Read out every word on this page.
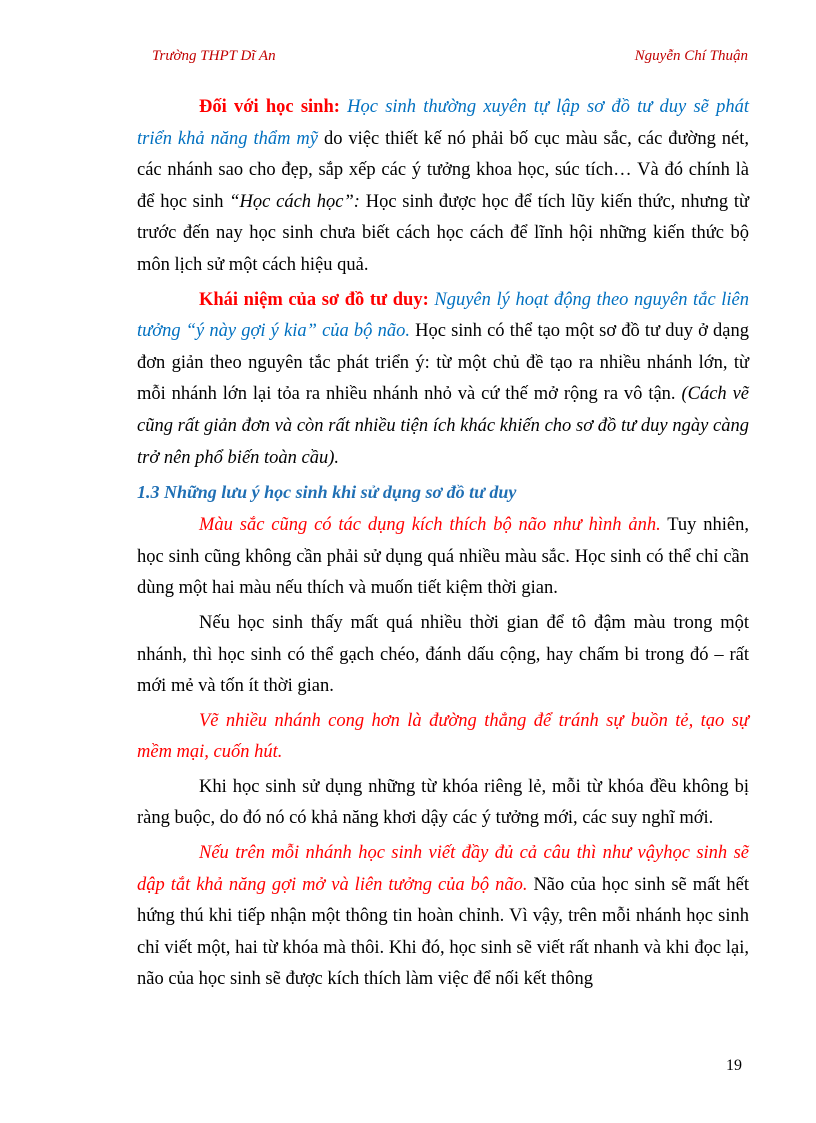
Trường THPT Dĩ An	Nguyễn Chí Thuận

Đối với học sinh: Học sinh thường xuyên tự lập sơ đồ tư duy sẽ phát triển khả năng thẩm mỹ do việc thiết kế nó phải bố cục màu sắc, các đường nét, các nhánh sao cho đẹp, sắp xếp các ý tưởng khoa học, súc tích… Và đó chính là để học sinh “Học cách học”: Học sinh được học để tích lũy kiến thức, nhưng từ trước đến nay học sinh chưa biết cách học cách để lĩnh hội những kiến thức bộ môn lịch sử một cách hiệu quả.

Khái niệm của sơ đồ tư duy: Nguyên lý hoạt động theo nguyên tắc liên tưởng “ý này gợi ý kia” của bộ não. Học sinh có thể tạo một sơ đồ tư duy ở dạng đơn giản theo nguyên tắc phát triển ý: từ một chủ đề tạo ra nhiều nhánh lớn, từ mỗi nhánh lớn lại tỏa ra nhiều nhánh nhỏ và cứ thế mở rộng ra vô tận. (Cách vẽ cũng rất giản đơn và còn rất nhiều tiện ích khác khiến cho sơ đồ tư duy ngày càng trở nên phổ biến toàn cầu).

1.3 Những lưu ý học sinh khi sử dụng sơ đồ tư duy

Màu sắc cũng có tác dụng kích thích bộ não như hình ảnh. Tuy nhiên, học sinh cũng không cần phải sử dụng quá nhiều màu sắc. Học sinh có thể chỉ cần dùng một hai màu nếu thích và muốn tiết kiệm thời gian.

Nếu học sinh thấy mất quá nhiều thời gian để tô đậm màu trong một nhánh, thì học sinh có thể gạch chéo, đánh dấu cộng, hay chấm bi trong đó – rất mới mẻ và tốn ít thời gian.

Vẽ nhiều nhánh cong hơn là đường thẳng để tránh sự buồn tẻ, tạo sự mềm mại, cuốn hút.

Khi học sinh sử dụng những từ khóa riêng lẻ, mỗi từ khóa đều không bị ràng buộc, do đó nó có khả năng khơi dậy các ý tưởng mới, các suy nghĩ mới.

Nếu trên mỗi nhánh học sinh viết đầy đủ cả câu thì như vậyhọc sinh sẽ dập tắt khả năng gợi mở và liên tưởng của bộ não. Não của học sinh sẽ mất hết hứng thú khi tiếp nhận một thông tin hoàn chỉnh. Vì vậy, trên mỗi nhánh học sinh chỉ viết một, hai từ khóa mà thôi. Khi đó, học sinh sẽ viết rất nhanh và khi đọc lại, não của học sinh sẽ được kích thích làm việc để nối kết thông

19
